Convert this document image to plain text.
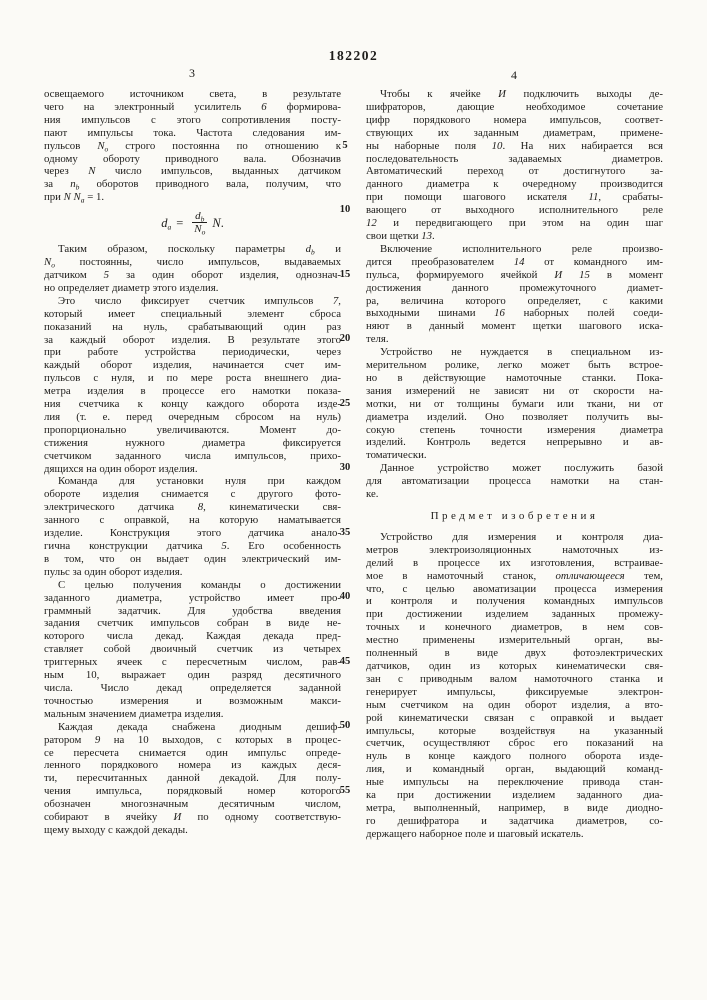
182202
3	4
освещаемого источником света, в результате
чего на электронный усилитель 6 формирова-
ния импульсов с этого сопротивления посту-
пают импульсы тока. Частота следования им-
пульсов $N_o$ строго постоянна по отношению к
одному обороту приводного вала. Обозначив
через N число импульсов, выданных датчиком
за $n_b$ оборотов приводного вала, получим, что
при N $N_a = 1$.
$d_a = \frac{d_b}{N_o} N$.
Таким образом, поскольку параметры $d_b$ и
$N_o$ постоянны, число импульсов, выдаваемых
датчиком 5 за один оборот изделия, однознач-
но определяет диаметр этого изделия.
Это число фиксирует счетчик импульсов 7,
который имеет специальный элемент сброса
показаний на нуль, срабатывающий один раз
за каждый оборот изделия. В результате этого
при работе устройства периодически, через
каждый оборот изделия, начинается счет им-
пульсов с нуля, и по мере роста внешнего диа-
метра изделия в процессе его намотки показа-
ния счетчика к концу каждого оборота изде-
лия (т. е. перед очередным сбросом на нуль)
пропорционально увеличиваются. Момент до-
стижения нужного диаметра фиксируется
счетчиком заданного числа импульсов, прихо-
дящихся на один оборот изделия.
Команда для установки нуля при каждом
обороте изделия снимается с другого фото-
электрического датчика 8, кинематически свя-
занного с оправкой, на которую наматывается
изделие. Конструкция этого датчика анало-
гична конструкции датчика 5. Его особенность
в том, что он выдает один электрический им-
пульс за один оборот изделия.
С целью получения команды о достижении
заданного диаметра, устройство имеет про-
граммный задатчик. Для удобства введения
задания счетчик импульсов собран в виде не-
которого числа декад. Каждая декада пред-
ставляет собой двоичный счетчик из четырех
триггерных ячеек с пересчетным числом, рав-
ным 10, выражает один разряд десятичного
числа. Число декад определяется заданной
точностью измерения и возможным макси-
мальным значением диаметра изделия.
Каждая декада снабжена диодным дешиф-
ратором 9 на 10 выходов, с которых в процес-
се пересчета снимается один импульс опреде-
ленного порядкового номера из каждых деся-
ти, пересчитанных данной декадой. Для полу-
чения импульса, порядковый номер которого
обозначен многозначным десятичным числом,
собирают в ячейку И по одному соответствую-
щему выходу с каждой декады.
Чтобы к ячейке И подключить выходы де-
шифраторов, дающие необходимое сочетание
цифр порядкового номера импульсов, соответ-
ствующих их заданным диаметрам, примене-
ны наборные поля 10. На них набирается вся
последовательность задаваемых диаметров.
Автоматический переход от достигнутого за-
данного диаметра к очередному производится
при помощи шагового искателя 11, срабаты-
вающего от выходного исполнительного реле
12 и передвигающего при этом на один шаг
свои щетки 13.
Включение исполнительного реле произво-
дится преобразователем 14 от командного им-
пульса, формируемого ячейкой И 15 в момент
достижения данного промежуточного диамет-
ра, величина которого определяет, с какими
выходными шинами 16 наборных полей соеди-
няют в данный момент щетки шагового иска-
теля.
Устройство не нуждается в специальном из-
мерительном ролике, легко может быть встрое-
но в действующие намоточные станки. Пока-
зания измерений не зависят ни от скорости на-
мотки, ни от толщины бумаги или ткани, ни от
диаметра изделий. Оно позволяет получить вы-
сокую степень точности измерения диаметра
изделий. Контроль ведется непрерывно и ав-
томатически.
Данное устройство может послужить базой
для автоматизации процесса намотки на стан-
ке.
Предмет изобретения
Устройство для измерения и контроля диа-
метров электроизоляционных намоточных из-
делий в процессе их изготовления, встраивае-
мое в намоточный станок, отличающееся тем,
что, с целью авоматизации процесса измерения
и контроля и получения командных импульсов
при достижении изделием заданных промежу-
точных и конечного диаметров, в нем сов-
местно применены измерительный орган, вы-
полненный в виде двух фотоэлектрических
датчиков, один из которых кинематически свя-
зан с приводным валом намоточного станка и
генерирует импульсы, фиксируемые электрон-
ным счетчиком на один оборот изделия, а вто-
рой кинематически связан с оправкой и выдает
импульсы, которые воздействуя на указанный
счетчик, осуществляют сброс его показаний на
нуль в конце каждого полного оборота изде-
лия, и командный орган, выдающий команд-
ные импульсы на переключение привода стан-
ка при достижении изделием заданного диа-
метра, выполненный, например, в виде диодно-
го дешифратора и задатчика диаметров, со-
держащего наборное поле и шаговый искатель.
5
10
15
20
25
30
35
40
45
50
55
